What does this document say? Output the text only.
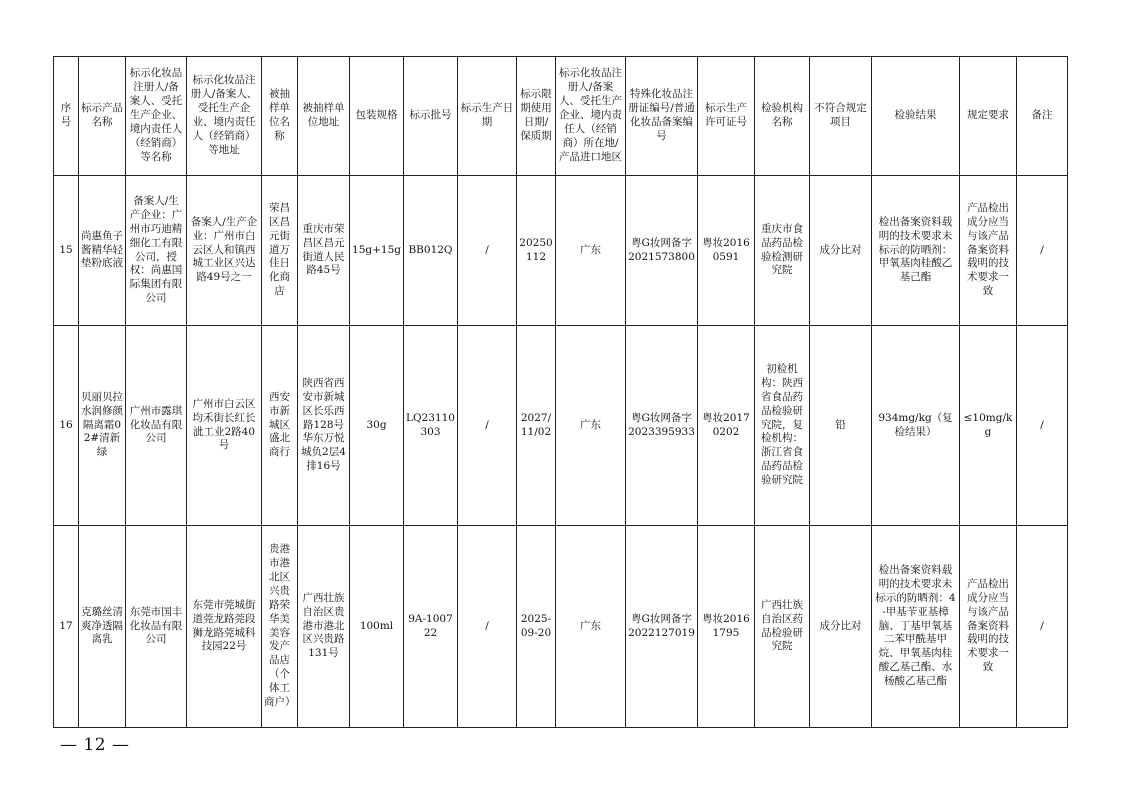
序号	标示产品名称	标示化妆品注册人/备案人、受托生产企业、境内责任人（经销商）等名称	标示化妆品注册人/备案人、受托生产企业、境内责任人（经销商）等地址	被抽样单位名称	被抽样单位地址	包装规格	标示批号	标示生产日期	标示限期使用日期/保质期	标示化妆品注册人/备案人、受托生产企业、境内责任人（经销商）所在地/产品进口地区	特殊化妆品注册证编号/普通化妆品备案编号	标示生产许可证号	检验机构名称	不符合规定项目	检验结果	规定要求	备注
15	尚惠鱼子酱精华轻垫粉底液	备案人/生产企业：广州市巧迪精细化工有限公司，授权：尚惠国际集团有限公司	备案人/生产企业：广州市白云区人和镇西城工业区兴达路49号之一	荣昌区昌元街道万佳日化商店	重庆市荣昌区昌元街道人民路45号	15g+15g	BB012Q	/	20250112	广东	粤G妆网备字2021573800	粤妆20160591	重庆市食品药品检验检测研究院	成分比对	检出备案资料载明的技术要求未标示的防晒剂：甲氧基肉桂酸乙基己酯	产品检出成分应当与该产品备案资料载明的技术要求一致	/
16	贝丽贝拉水润修颜隔离霜02#清新绿	广州市露琪化妆品有限公司	广州市白云区均禾街长红长泚工业2路40号	西安市新城区盛北商行	陕西省西安市新城区长乐西路128号华东万悦城负2层4排16号	30g	LQ23110303	/	2027/11/02	广东	粤G妆网备字2023395933	粤妆20170202	初检机构：陕西省食品药品检验研究院，复检机构：浙江省食品药品检验研究院	铅	934mg/kg（复检结果）	≤10mg/kg	/
17	克璐丝清爽净透隔离乳	东莞市国丰化妆品有限公司	东莞市莞城街道莞龙路莞段狮龙路莞城科技园22号	贵港市港北区兴贵路荣华美美容发产品店（个体工商户）	广西壮族自治区贵港市港北区兴贵路131号	100ml	9A-100722	/	2025-09-20	广东	粤G妆网备字2022127019	粤妆20161795	广西壮族自治区药品检验研究院	成分比对	检出备案资料载明的技术要求未标示的防晒剂：4-甲基苄亚基樟脑、丁基甲氧基二苯甲酰基甲烷、甲氧基肉桂酸乙基己酯、水杨酸乙基己酯	产品检出成分应当与该产品备案资料载明的技术要求一致	/
— 12 —
